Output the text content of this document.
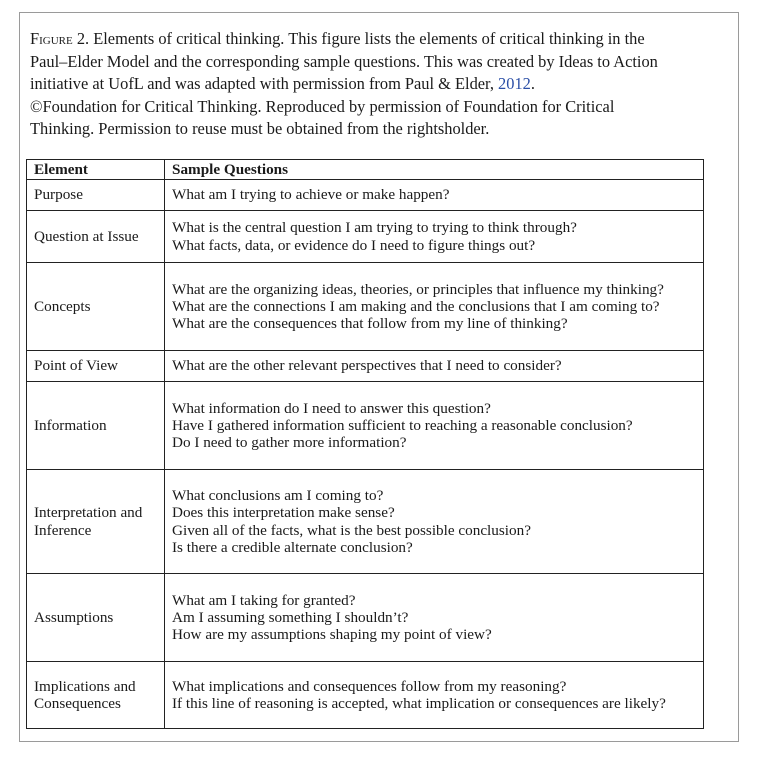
Figure 2. Elements of critical thinking. This figure lists the elements of critical thinking in the
Paul–Elder Model and the corresponding sample questions. This was created by Ideas to Action
initiative at UofL and was adapted with permission from Paul & Elder, 2012.
©Foundation for Critical Thinking. Reproduced by permission of Foundation for Critical
Thinking. Permission to reuse must be obtained from the rightsholder.

Element	Sample Questions

Purpose	What am I trying to achieve or make happen?

Question at Issue	What is the central question I am trying to trying to think through?
What facts, data, or evidence do I need to figure things out?

Concepts	What are the organizing ideas, theories, or principles that influence my thinking?
What are the connections I am making and the conclusions that I am coming to?
What are the consequences that follow from my line of thinking?

Point of View	What are the other relevant perspectives that I need to consider?

Information	What information do I need to answer this question?
Have I gathered information sufficient to reaching a reasonable conclusion?
Do I need to gather more information?

Interpretation and
Inference	What conclusions am I coming to?
Does this interpretation make sense?
Given all of the facts, what is the best possible conclusion?
Is there a credible alternate conclusion?

Assumptions	What am I taking for granted?
Am I assuming something I shouldn’t?
How are my assumptions shaping my point of view?

Implications and
Consequences	What implications and consequences follow from my reasoning?
If this line of reasoning is accepted, what implication or consequences are likely?
